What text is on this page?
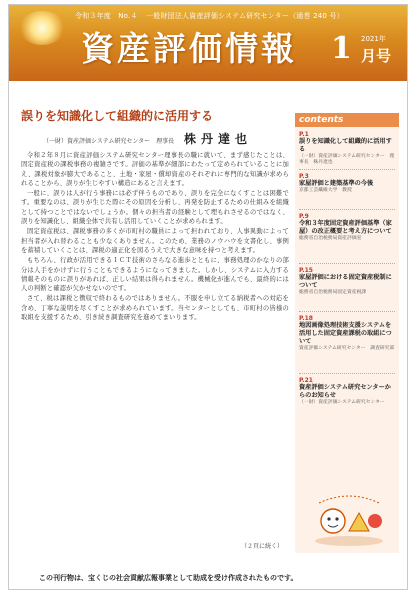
令和３年度　No.４ 一般財団法人資産評価システム研究センター（通巻 240 号）
資産評価情報 1 2021年
月号
誤りを知識化して組織的に活用する
（一財）資産評価システム研究センター 理事長 株丹達也

令和２年８月に資産評価システム研究センター理事長の職に就いて、まず感じたことは、固定資産税の課税事務の複雑さです。評価の基準が細部にわたって定められていることに加え、課税対象が膨大であること、土地・家屋・償却資産のそれぞれに専門的な知識が求められることから、誤りが生じやすい構造にあると言えます。

一般に、誤りは人が行う事務には必ず伴うものであり、誤りを完全になくすことは困難です。重要なのは、誤りが生じた際にその原因を分析し、再発を防止するための仕組みを組織として持つことではないでしょうか。個々の担当者の経験として埋もれさせるのではなく、誤りを知識化し、組織全体で共有し活用していくことが求められます。

固定資産税は、課税事務の多くが市町村の職員によって担われており、人事異動によって担当者が入れ替わることも少なくありません。このため、業務のノウハウを文書化し、事例を蓄積していくことは、課税の適正化を図るうえで大きな意味を持つと考えます。

もちろん、行政が活用できるＩＣＴ技術のさらなる進歩とともに、事務処理のかなりの部分は人手をかけずに行うこともできるようになってきました。しかし、システムに入力する情報そのものに誤りがあれば、正しい結果は得られません。機械化が進んでも、最終的には人の判断と確認が欠かせないのです。

さて、税は課税と徴収で終わるものではありません。不服を申し立てる納税者への対応を含め、丁寧な説明を尽くすことが求められています。当センターとしても、市町村の皆様の取組を支援するため、引き続き調査研究を進めてまいります。

（２頁に続く）
contents
P.1
誤りを知識化して組織的に活用する
（一財）資産評価システム研究センター　理事長　株丹達也
P.3
家屋評価と建築基準の今後
京都工芸繊維大学　教授
P.9
令和３年度固定資産評価基準（家屋）の改正概要と考え方について
総務省自治税務局資産評価室
P.15
家屋評価における固定資産税制について
総務省自治税務局固定資産税課
P.18
地図画像処理技術支援システムを活用した固定資産課税の取組について
資産評価システム研究センター　調査研究部
P.21
資産評価システム研究センターからのお知らせ
（一財）資産評価システム研究センター
この刊行物は、宝くじの社会貢献広報事業として助成を受け作成されたものです。
